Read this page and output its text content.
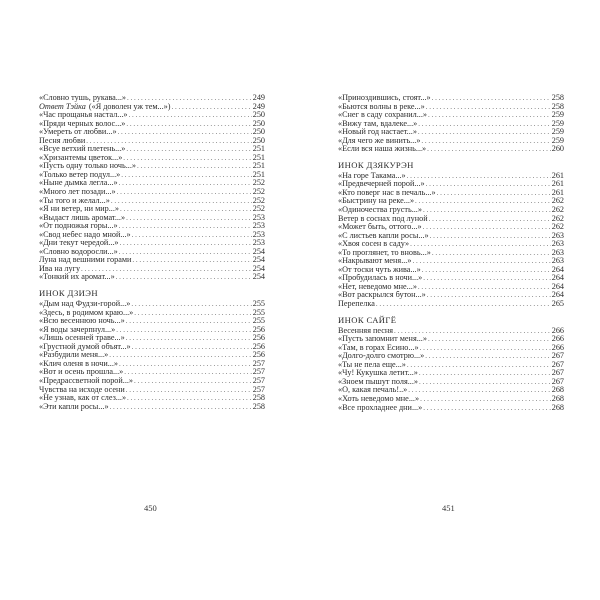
«Словно тушь, рукава...» . . .	249
Ответ Тэйка («Я доволен уж тем...») . . .	249
«Час прощанья настал...» . . .	250
«Пряди черных волос...» . . .	250
«Умереть от любви...» . . .	250
Песня любви . . .	250
«Всуе ветхий плетень...» . . .	251
«Хризантемы цветок...» . . .	251
«Пусть одну только ночь...» . . .	251
«Только ветер подул...» . . .	251
«Ныне дымка легла...» . . .	252
«Много лет позади...» . . .	252
«Ты того и желал...» . . .	252
«Я ни ветер, ни мир...» . . .	252
«Выдаст лишь аромат...» . . .	253
«От подножья горы...» . . .	253
«Свод небес надо мной...» . . .	253
«Дни текут чередой...» . . .	253
«Словно водоросли...» . . .	254
Луна над вешними горами . . .	254
Ива на лугу . . .	254
«Тонкий их аромат...» . . .	254
ИНОК ДЗИЭН
«Дым над Фудзи-горой...» . . .	255
«Здесь, в родимом краю...» . . .	255
«Всю весеннюю ночь...» . . .	255
«Я воды зачерпнул...» . . .	256
«Лишь осенней траве...» . . .	256
«Грустной думой объят...» . . .	256
«Разбудили меня...» . . .	256
«Клич оленя в ночи...» . . .	257
«Вот и осень прошла...» . . .	257
«Предрассветной порой...» . . .	257
Чувства на исходе осени . . .	257
«Не узнав, как от слез...» . . .	258
«Эти капли росы...» . . .	258
«Приноздившись, стоят...» . . .	258
«Бьются волны в реке...» . . .	258
«Снег в саду сохранил...» . . .	259
«Вижу там, вдалеке...» . . .	259
«Новый год настает...» . . .	259
«Для чего же винить...» . . .	259
«Если вся наша жизнь...» . . .	260
ИНОК ДЗЯКУРЭН
«На горе Такама...» . . .	261
«Предвечерней порой...» . . .	261
«Кто поверг нас в печаль...» . . .	261
«Быстрину на реке...» . . .	262
«Одиночества грусть...» . . .	262
Ветер в соснах под луной . . .	262
«Может быть, оттого...» . . .	262
«С листьев капли росы...» . . .	263
«Хвоя сосен в саду» . . .	263
«То проглянет, то вновь...» . . .	263
«Накрывают меня...» . . .	263
«От тоски чуть жива...» . . .	264
«Пробудилась в ночи...» . . .	264
«Нет, неведомо мне...» . . .	264
«Вот раскрылся бутон...» . . .	264
Перепелка . . .	265
ИНОК САЙГЁ
Весенняя песня . . .	266
«Пусть запомнит меня...» . . .	266
«Там, в горах Ёсино...» . . .	266
«Долго-долго смотрю...» . . .	267
«Ты не пела еще...» . . .	267
«Чу! Кукушка летит...» . . .	267
«Зноем пышут поля...» . . .	267
«О, какая печаль!..» . . .	268
«Хоть неведомо мне...» . . .	268
«Все прохладнее дни...» . . .	268
450	451
